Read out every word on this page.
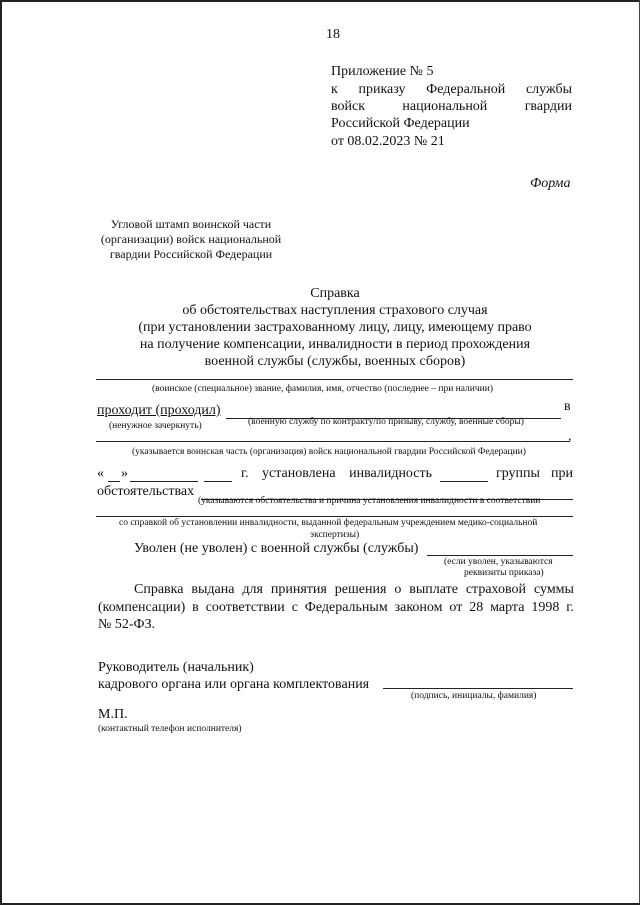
18
Приложение № 5
к приказу Федеральной службы
войск	национальной	гвардии
Российской Федерации
от 08.02.2023 № 21
Форма
Угловой штамп воинской части
(организации) войск национальной
гвардии Российской Федерации
Справка
об обстоятельствах наступления страхового случая
(при установлении застрахованному лицу, лицу, имеющему право
на получение компенсации, инвалидности в период прохождения
военной службы (службы, военных сборов)
(воинское (специальное) звание, фамилия, имя, отчество (последнее – при наличии)
проходит (проходил)	в
(ненужное зачеркнуть)	(военную службу по контракту/по призыву, службу, военные сборы)
,
(указывается воинская часть (организация) войск национальной гвардии Российской Федерации)
« »	г. установлена инвалидность	группы при
обстоятельствах
(указываются обстоятельства и причина установления инвалидности в соответствии
со справкой об установлении инвалидности, выданной федеральным учреждением медико-социальной
экспертизы)
Уволен (не уволен) с военной службы (службы)
(если уволен, указываются
реквизиты приказа)
Справка выдана для принятия решения о выплате страховой суммы
(компенсации) в соответствии с Федеральным законом от 28 марта 1998 г.
№ 52-ФЗ.
Руководитель (начальник)
кадрового органа или органа комплектования
(подпись, инициалы, фамилия)
М.П.
(контактный телефон исполнителя)
